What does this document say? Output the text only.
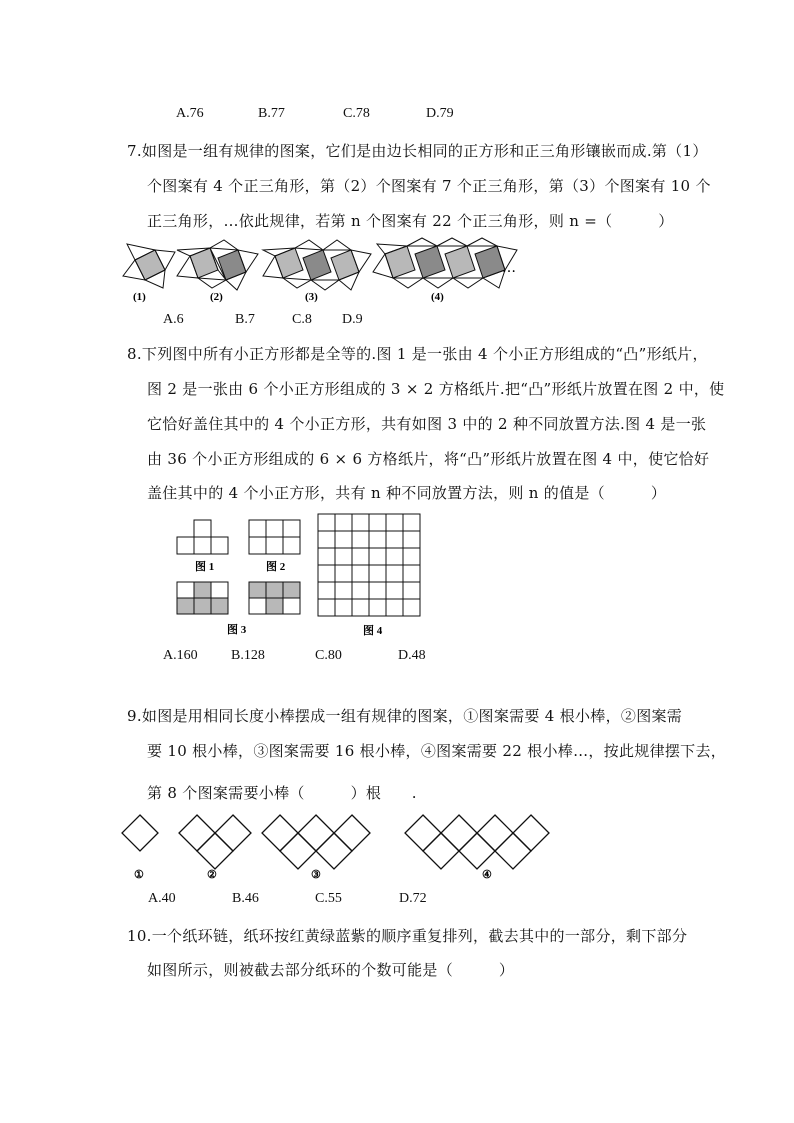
A.76	B.77	C.78	D.79
7.如图是一组有规律的图案，它们是由边长相同的正方形和正三角形镶嵌而成.第（1）
个图案有 4 个正三角形，第（2）个图案有 7 个正三角形，第（3）个图案有 10 个
正三角形，…依此规律，若第 n 个图案有 22 个正三角形，则 n =（　　　）
(1)	(2)	(3)	(4)
…
A.6	B.7	C.8 D.9
8.下列图中所有小正方形都是全等的.图 1 是一张由 4 个小正方形组成的“凸”形纸片，
图 2 是一张由 6 个小正方形组成的 3 × 2 方格纸片.把“凸”形纸片放置在图 2 中，使
它恰好盖住其中的 4 个小正方形，共有如图 3 中的 2 种不同放置方法.图 4 是一张
由 36 个小正方形组成的 6 × 6 方格纸片，将“凸”形纸片放置在图 4 中，使它恰好
盖住其中的 4 个小正方形，共有 n 种不同放置方法，则 n 的值是（　　　）
图 1	图 2
图 3	图 4
A.160 B.128	C.80	D.48
9.如图是用相同长度小棒摆成一组有规律的图案，①图案需要 4 根小棒，②图案需
要 10 根小棒，③图案需要 16 根小棒，④图案需要 22 根小棒…，按此规律摆下去，
第 8 个图案需要小棒（　　　）根　　.
①	②	③	④
A.40	B.46	C.55	D.72
10.一个纸环链，纸环按红黄绿蓝紫的顺序重复排列，截去其中的一部分，剩下部分
如图所示，则被截去部分纸环的个数可能是（　　　）
